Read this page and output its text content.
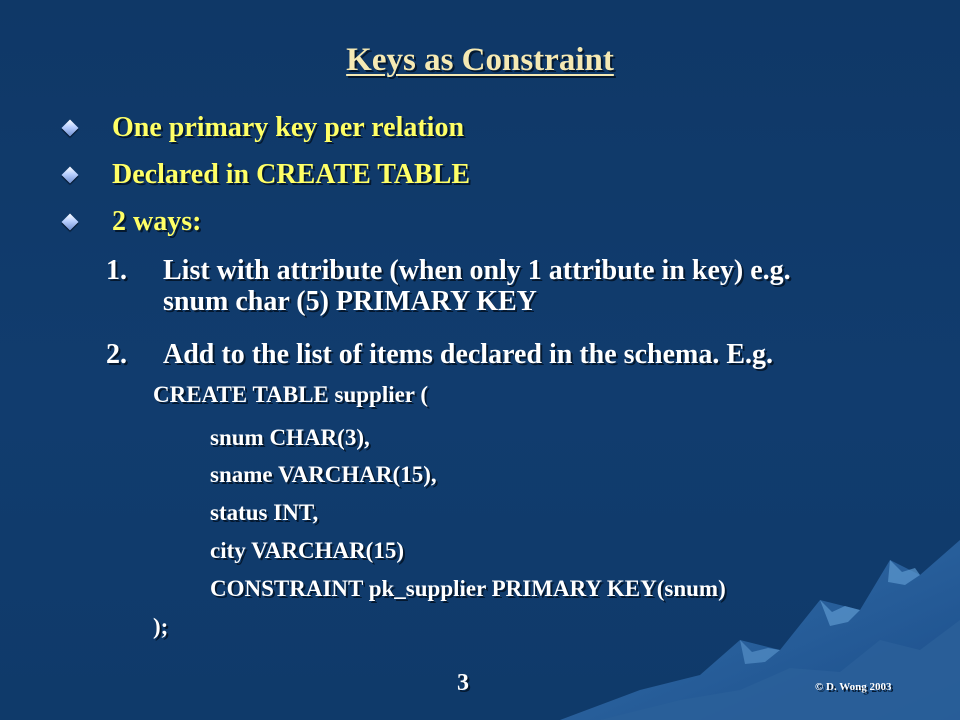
Keys as Constraint
One primary key per relation
Declared in CREATE TABLE
2 ways:
1.	List with attribute (when only 1 attribute in key) e.g.
snum char (5) PRIMARY KEY
2.	Add to the list of items declared in the schema. E.g.
CREATE TABLE supplier (
snum CHAR(3),
sname VARCHAR(15),
status INT,
city VARCHAR(15)
CONSTRAINT pk_supplier PRIMARY KEY(snum)
);
3	© D. Wong 2003
